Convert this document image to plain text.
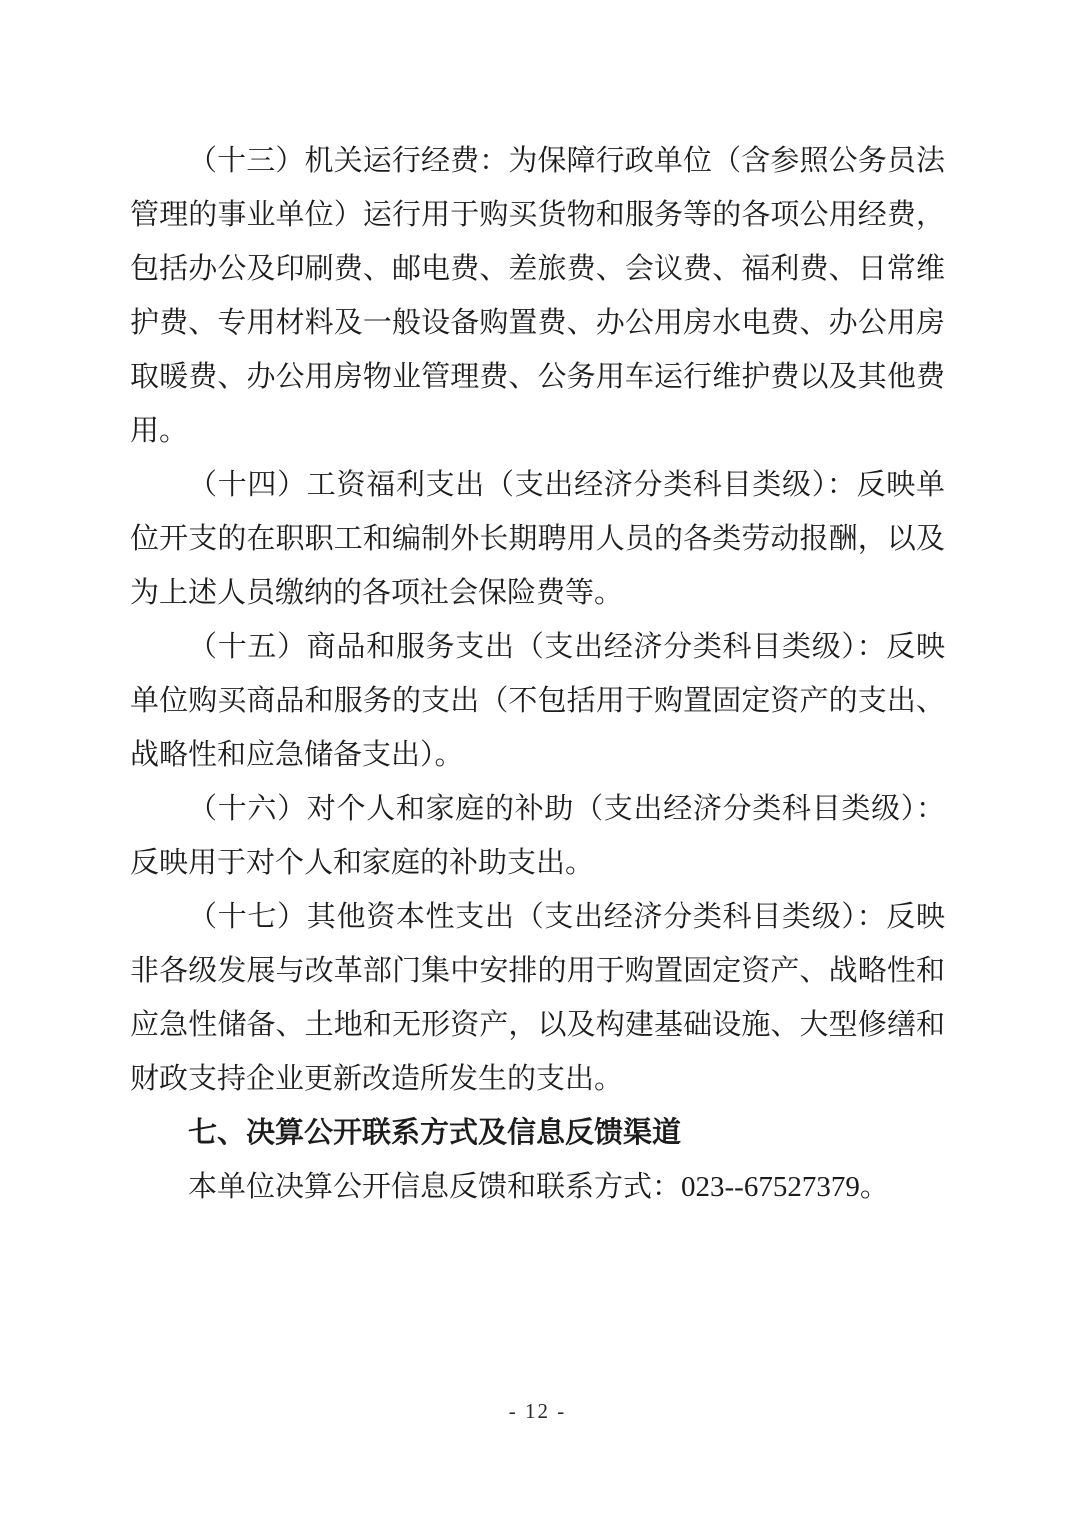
（十三）机关运行经费：为保障行政单位（含参照公务员法管理的事业单位）运行用于购买货物和服务等的各项公用经费，包括办公及印刷费、邮电费、差旅费、会议费、福利费、日常维护费、专用材料及一般设备购置费、办公用房水电费、办公用房取暖费、办公用房物业管理费、公务用车运行维护费以及其他费用。

（十四）工资福利支出（支出经济分类科目类级）：反映单位开支的在职职工和编制外长期聘用人员的各类劳动报酬，以及为上述人员缴纳的各项社会保险费等。

（十五）商品和服务支出（支出经济分类科目类级）：反映单位购买商品和服务的支出（不包括用于购置固定资产的支出、战略性和应急储备支出）。

（十六）对个人和家庭的补助（支出经济分类科目类级）：反映用于对个人和家庭的补助支出。

（十七）其他资本性支出（支出经济分类科目类级）：反映非各级发展与改革部门集中安排的用于购置固定资产、战略性和应急性储备、土地和无形资产，以及构建基础设施、大型修缮和财政支持企业更新改造所发生的支出。

七、决算公开联系方式及信息反馈渠道

本单位决算公开信息反馈和联系方式：023--67527379。

- 12 -
